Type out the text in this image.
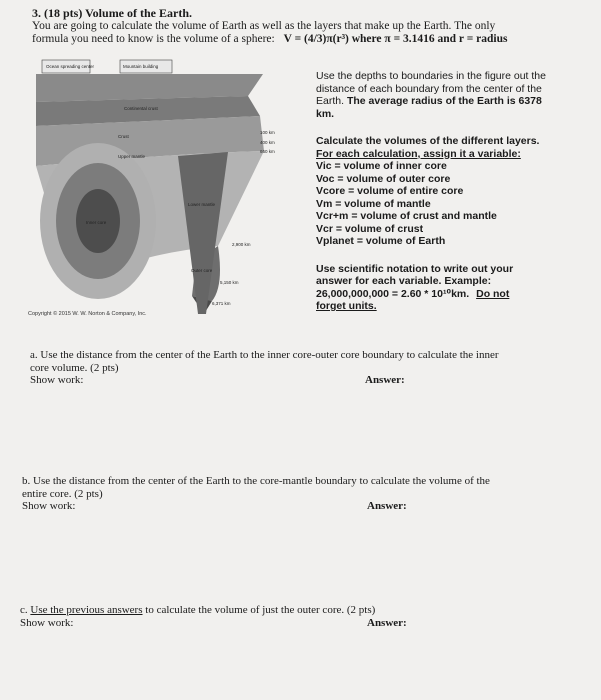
3. (18 pts) Volume of the Earth.
You are going to calculate the volume of Earth as well as the layers that make up the Earth. The only
formula you need to know is the volume of a sphere: V = (4/3)π(r³) where π = 3.1416 and r = radius
Ocean spreading center	Mountain building
Continental crust
Crust
Upper mantle
Lower mantle
Outer core
Inner core
100 km
400 km
660 km
2,900 km
5,150 km
6,371 km
Copyright © 2015 W. W. Norton & Company, Inc.
Use the depths to boundaries in the figure out the
distance of each boundary from the center of the
Earth. The average radius of the Earth is 6378
km.
Calculate the volumes of the different layers.
For each calculation, assign it a variable:
Vic = volume of inner core
Voc = volume of outer core
Vcore = volume of entire core
Vm = volume of mantle
Vcr+m = volume of crust and mantle
Vcr = volume of crust
Vplanet = volume of Earth
Use scientific notation to write out your
answer for each variable. Example:
26,000,000,000 = 2.60 * 10¹⁰km. Do not
forget units.
a. Use the distance from the center of the Earth to the inner core-outer core boundary to calculate the inner
core volume. (2 pts)
Show work:	Answer:
b. Use the distance from the center of the Earth to the core-mantle boundary to calculate the volume of the
entire core. (2 pts)
Show work:	Answer:
c. Use the previous answers to calculate the volume of just the outer core. (2 pts)
Show work:	Answer:
